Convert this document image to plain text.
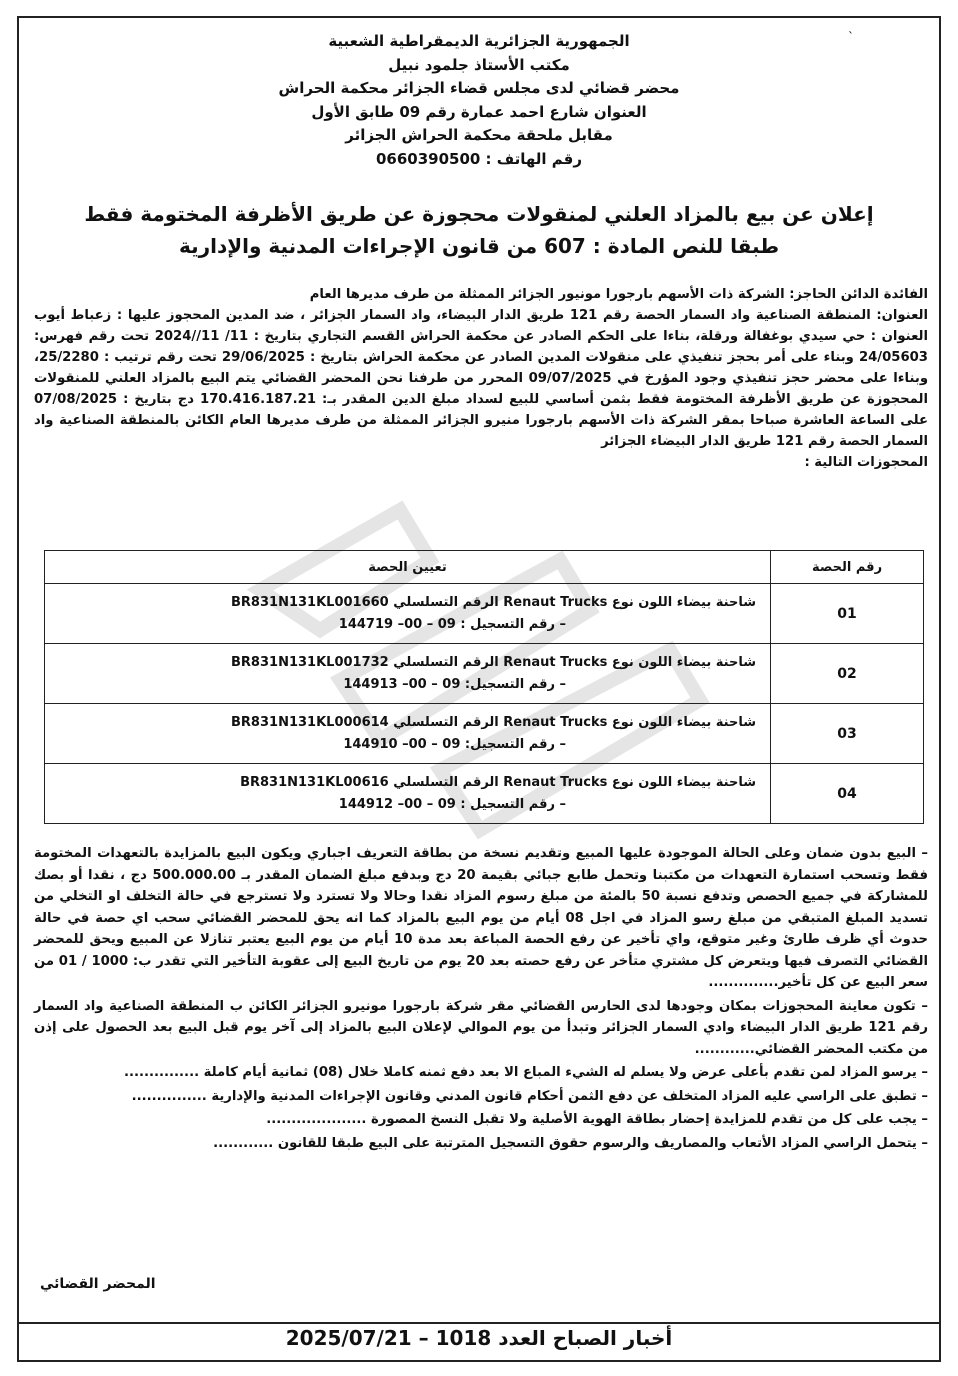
ˋ
الجمهورية الجزائرية الديمقراطية الشعبية
مكتب الأستاذ جلمود نبيل
محضر قضائي لدى مجلس قضاء الجزائر محكمة الحراش
العنوان شارع احمد عمارة رقم 09 طابق الأول
مقابل ملحقة محكمة الحراش الجزائر
رقم الهاتف : 0660390500
إعلان عن بيع بالمزاد العلني لمنقولات محجوزة عن طريق الأظرفة المختومة فقط
طبقا للنص المادة : 607 من قانون الإجراءات المدنية والإدارية

الفائدة الدائن الحاجز: الشركة ذات الأسهم بارجورا مونيور الجزائر الممثلة من طرف مديرها العام

العنوان: المنطقة الصناعية واد السمار الحصة رقم 121 طريق الدار البيضاء، واد السمار الجزائر ، ضد المدين المحجوز عليها : زعباط أيوب العنوان : حي سيدي بوغفالة ورقلة، بناءا على الحكم الصادر عن محكمة الحراش القسم التجاري بتاريخ : 11/ 11//2024 تحت رقم فهرس: 24/05603 وبناء على أمر بحجز تنفيذي على منقولات المدين الصادر عن محكمة الحراش بتاريخ : 29/06/2025 تحت رقم ترتيب : 25/2280، وبناءا على محضر حجز تنفيذي وجود المؤرخ في 09/07/2025 المحرر من طرفنا نحن المحضر القضائي يتم البيع بالمزاد العلني للمنقولات المحجوزة عن طريق الأظرفة المختومة فقط بثمن أساسي للبيع لسداد مبلغ الدين المقدر بـ: 170.416.187.21 دج بتاريخ : 07/08/2025 على الساعة العاشرة صباحا بمقر الشركة ذات الأسهم بارجورا منيرو الجزائر الممثلة من طرف مديرها العام الكائن بالمنطقة الصناعية واد السمار الحصة رقم 121 طريق الدار البيضاء الجزائر

المحجوزات التالية :

رقم الحصة	تعيين الحصة
01	شاحنة بيضاء اللون نوع Renaut Trucks الرقم التسلسلي BR831N131KL001660
– رقم التسجيل : 09 – 00– 144719

02	شاحنة بيضاء اللون نوع Renaut Trucks الرقم التسلسلي BR831N131KL001732
– رقم التسجيل: 09 – 00– 144913

03	شاحنة بيضاء اللون نوع Renaut Trucks الرقم التسلسلي BR831N131KL000614
– رقم التسجيل: 09 – 00– 144910

04	شاحنة بيضاء اللون نوع Renaut Trucks الرقم التسلسلي BR831N131KL00616
– رقم التسجيل : 09 – 00– 144912

– البيع بدون ضمان وعلى الحالة الموجودة عليها المبيع وتقديم نسخة من بطاقة التعريف اجباري ويكون البيع بالمزايدة بالتعهدات المختومة فقط وتسحب استمارة التعهدات من مكتبنا وتحمل طابع جبائي بقيمة 20 دج وبدفع مبلغ الضمان المقدر بـ 500.000.00 دج ، نقدا أو بصك للمشاركة في جميع الحصص وتدفع نسبة 50 بالمئة من مبلغ رسوم المزاد نقدا وحالا ولا تسترد ولا تسترجع في حالة التخلف او التخلي من تسديد المبلغ المتبقي من مبلغ رسو المزاد في اجل 08 أيام من يوم البيع بالمزاد كما انه يحق للمحضر القضائي سحب اي حصة في حالة حدوث أي ظرف طارئ وغير متوقع، واي تأخير عن رفع الحصة المباعة بعد مدة 10 أيام من يوم البيع يعتبر تنازلا عن المبيع ويحق للمحضر القضائي التصرف فيها ويتعرض كل مشتري متأخر عن رفع حصته بعد 20 يوم من تاريخ البيع إلى عقوبة التأخير التي تقدر ب: 1000 / 01 من سعر البيع عن كل تأخير..............

– تكون معاينة المحجوزات بمكان وجودها لدى الحارس القضائي مقر شركة بارجورا مونيرو الجزائر الكائن ب المنطقة الصناعية واد السمار رقم 121 طريق الدار البيضاء وادي السمار الجزائر وتبدأ من يوم الموالي لإعلان البيع بالمزاد إلى آخر يوم قبل البيع بعد الحصول على إذن من مكتب المحضر القضائي............

– يرسو المزاد لمن تقدم بأعلى عرض ولا يسلم له الشيء المباع الا بعد دفع ثمنه كاملا خلال (08) ثمانية أيام كاملة ...............

– تطبق على الراسي عليه المزاد المتخلف عن دفع الثمن أحكام قانون المدني وقانون الإجراءات المدنية والإدارية ...............

– يجب على كل من تقدم للمزايدة إحضار بطاقة الهوية الأصلية ولا تقبل النسخ المصورة ....................

– يتحمل الراسي المزاد الأتعاب والمصاريف والرسوم حقوق التسجيل المترتبة على البيع طبقا للقانون ............

المحضر القضائي
أخبار الصباح العدد 1018 – 2025/07/21
